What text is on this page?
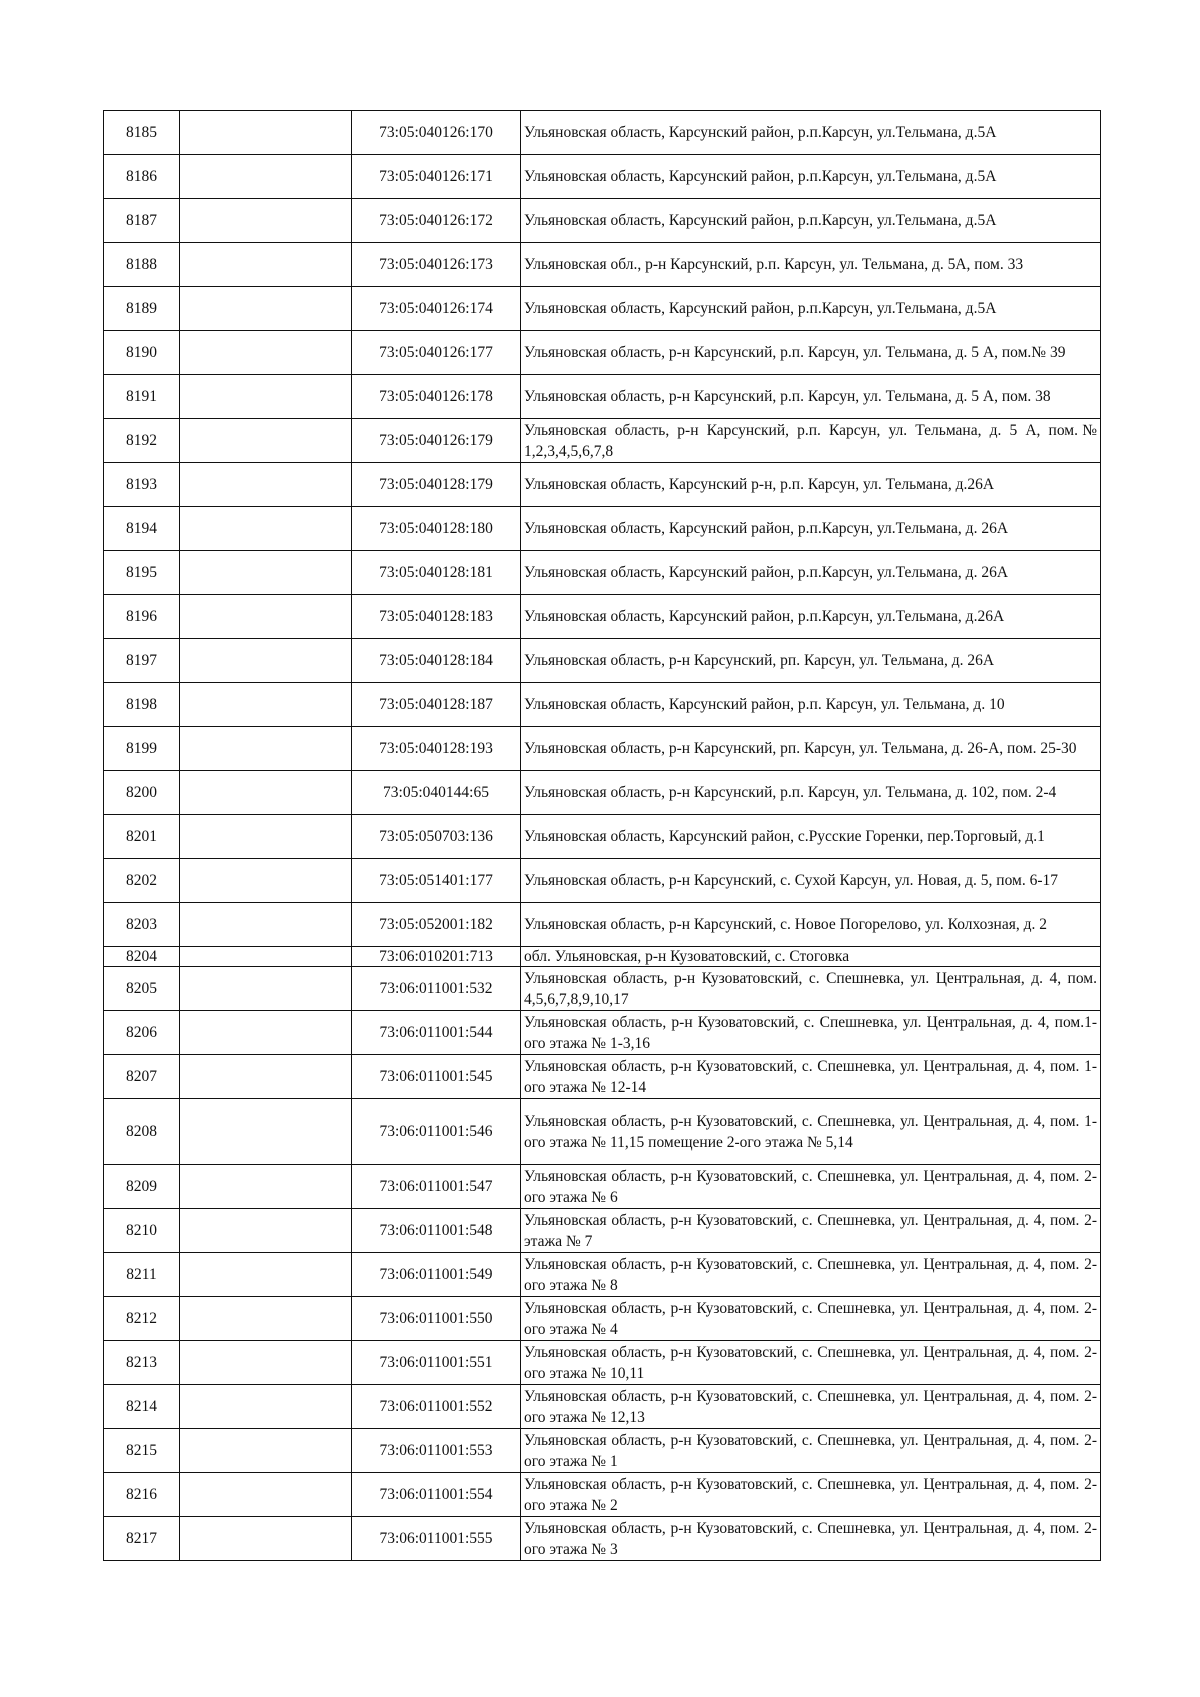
8185		73:05:040126:170	Ульяновская область, Карсунский район, р.п.Карсун, ул.Тельмана, д.5А
8186		73:05:040126:171	Ульяновская область, Карсунский район, р.п.Карсун, ул.Тельмана, д.5А
8187		73:05:040126:172	Ульяновская область, Карсунский район, р.п.Карсун, ул.Тельмана, д.5А
8188		73:05:040126:173	Ульяновская обл., р-н Карсунский, р.п. Карсун, ул. Тельмана, д. 5А, пом. 33
8189		73:05:040126:174	Ульяновская область, Карсунский район, р.п.Карсун, ул.Тельмана, д.5А
8190		73:05:040126:177	Ульяновская область, р-н Карсунский, р.п. Карсун, ул. Тельмана, д. 5 А, пом.№ 39
8191		73:05:040126:178	Ульяновская область, р-н Карсунский, р.п. Карсун, ул. Тельмана, д. 5 А, пом. 38
8192		73:05:040126:179	Ульяновская область, р-н Карсунский, р.п. Карсун, ул. Тельмана, д. 5 А, пом.№ 1,2,3,4,5,6,7,8
8193		73:05:040128:179	Ульяновская область, Карсунский р-н, р.п. Карсун, ул. Тельмана, д.26А
8194		73:05:040128:180	Ульяновская область, Карсунский район, р.п.Карсун, ул.Тельмана, д. 26А
8195		73:05:040128:181	Ульяновская область, Карсунский район, р.п.Карсун, ул.Тельмана, д. 26А
8196		73:05:040128:183	Ульяновская область, Карсунский район, р.п.Карсун, ул.Тельмана, д.26А
8197		73:05:040128:184	Ульяновская область, р-н Карсунский, рп. Карсун, ул. Тельмана, д. 26А
8198		73:05:040128:187	Ульяновская область, Карсунский район, р.п. Карсун, ул. Тельмана, д. 10
8199		73:05:040128:193	Ульяновская область, р-н Карсунский, рп. Карсун, ул. Тельмана, д. 26-А, пом. 25-30
8200		73:05:040144:65	Ульяновская область, р-н Карсунский, р.п. Карсун, ул. Тельмана, д. 102, пом. 2-4
8201		73:05:050703:136	Ульяновская область, Карсунский район, с.Русские Горенки, пер.Торговый, д.1
8202		73:05:051401:177	Ульяновская область, р-н Карсунский, с. Сухой Карсун, ул. Новая, д. 5, пом. 6-17
8203		73:05:052001:182	Ульяновская область, р-н Карсунский, с. Новое Погорелово, ул. Колхозная, д. 2
8204		73:06:010201:713	обл. Ульяновская, р-н Кузоватовский, с. Стоговка
8205		73:06:011001:532	Ульяновская область, р-н Кузоватовский, с. Спешневка, ул. Центральная, д. 4, пом. 4,5,6,7,8,9,10,17
8206		73:06:011001:544	Ульяновская область, р-н Кузоватовский, с. Спешневка, ул. Центральная, д. 4, пом.1-ого этажа № 1-3,16
8207		73:06:011001:545	Ульяновская область, р-н Кузоватовский, с. Спешневка, ул. Центральная, д. 4, пом. 1-ого этажа № 12-14
8208		73:06:011001:546	Ульяновская область, р-н Кузоватовский, с. Спешневка, ул. Центральная, д. 4, пом. 1-ого этажа № 11,15 помещение 2-ого этажа № 5,14
8209		73:06:011001:547	Ульяновская область, р-н Кузоватовский, с. Спешневка, ул. Центральная, д. 4, пом. 2-ого этажа № 6
8210		73:06:011001:548	Ульяновская область, р-н Кузоватовский, с. Спешневка, ул. Центральная, д. 4, пом. 2-этажа № 7
8211		73:06:011001:549	Ульяновская область, р-н Кузоватовский, с. Спешневка, ул. Центральная, д. 4, пом. 2-ого этажа № 8
8212		73:06:011001:550	Ульяновская область, р-н Кузоватовский, с. Спешневка, ул. Центральная, д. 4, пом. 2-ого этажа № 4
8213		73:06:011001:551	Ульяновская область, р-н Кузоватовский, с. Спешневка, ул. Центральная, д. 4, пом. 2-ого этажа № 10,11
8214		73:06:011001:552	Ульяновская область, р-н Кузоватовский, с. Спешневка, ул. Центральная, д. 4, пом. 2-ого этажа № 12,13
8215		73:06:011001:553	Ульяновская область, р-н Кузоватовский, с. Спешневка, ул. Центральная, д. 4, пом. 2-ого этажа № 1
8216		73:06:011001:554	Ульяновская область, р-н Кузоватовский, с. Спешневка, ул. Центральная, д. 4, пом. 2-ого этажа № 2
8217		73:06:011001:555	Ульяновская область, р-н Кузоватовский, с. Спешневка, ул. Центральная, д. 4, пом. 2-ого этажа № 3
